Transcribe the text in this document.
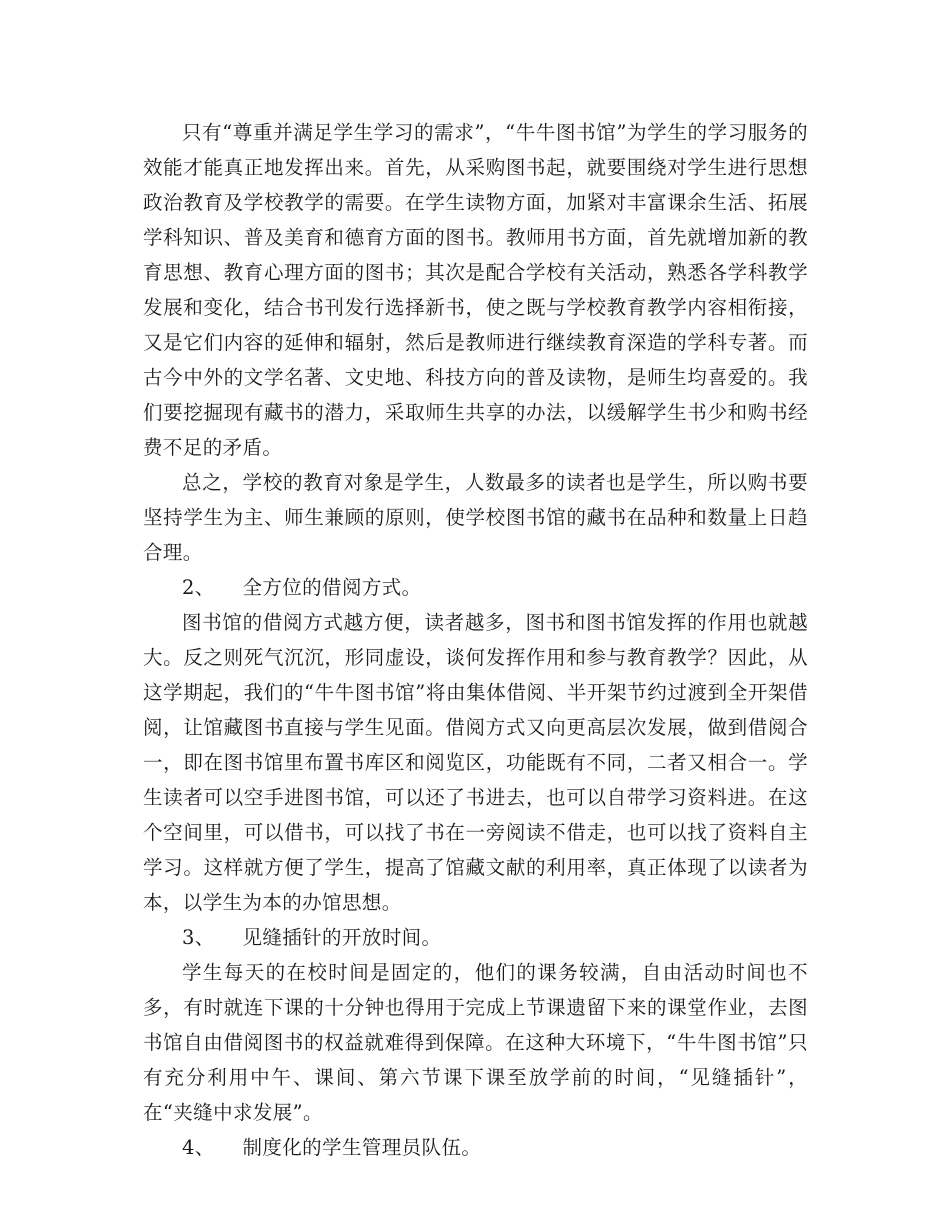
只有“尊重并满足学生学习的需求”，“牛牛图书馆”为学生的学习服务的效能才能真正地发挥出来。首先，从采购图书起，就要围绕对学生进行思想政治教育及学校教学的需要。在学生读物方面，加紧对丰富课余生活、拓展学科知识、普及美育和德育方面的图书。教师用书方面，首先就增加新的教育思想、教育心理方面的图书；其次是配合学校有关活动，熟悉各学科教学发展和变化，结合书刊发行选择新书，使之既与学校教育教学内容相衔接，又是它们内容的延伸和辐射，然后是教师进行继续教育深造的学科专著。而古今中外的文学名著、文史地、科技方向的普及读物，是师生均喜爱的。我们要挖掘现有藏书的潜力，采取师生共享的办法，以缓解学生书少和购书经费不足的矛盾。

总之，学校的教育对象是学生，人数最多的读者也是学生，所以购书要坚持学生为主、师生兼顾的原则，使学校图书馆的藏书在品种和数量上日趋合理。

2、 全方位的借阅方式。

图书馆的借阅方式越方便，读者越多，图书和图书馆发挥的作用也就越大。反之则死气沉沉，形同虚设，谈何发挥作用和参与教育教学？因此，从这学期起，我们的“牛牛图书馆”将由集体借阅、半开架节约过渡到全开架借阅，让馆藏图书直接与学生见面。借阅方式又向更高层次发展，做到借阅合一，即在图书馆里布置书库区和阅览区，功能既有不同，二者又相合一。学生读者可以空手进图书馆，可以还了书进去，也可以自带学习资料进。在这个空间里，可以借书，可以找了书在一旁阅读不借走，也可以找了资料自主学习。这样就方便了学生，提高了馆藏文献的利用率，真正体现了以读者为本，以学生为本的办馆思想。

3、 见缝插针的开放时间。

学生每天的在校时间是固定的，他们的课务较满，自由活动时间也不多，有时就连下课的十分钟也得用于完成上节课遗留下来的课堂作业，去图书馆自由借阅图书的权益就难得到保障。在这种大环境下，“牛牛图书馆”只有充分利用中午、课间、第六节课下课至放学前的时间，“见缝插针”，在“夹缝中求发展”。

4、 制度化的学生管理员队伍。
